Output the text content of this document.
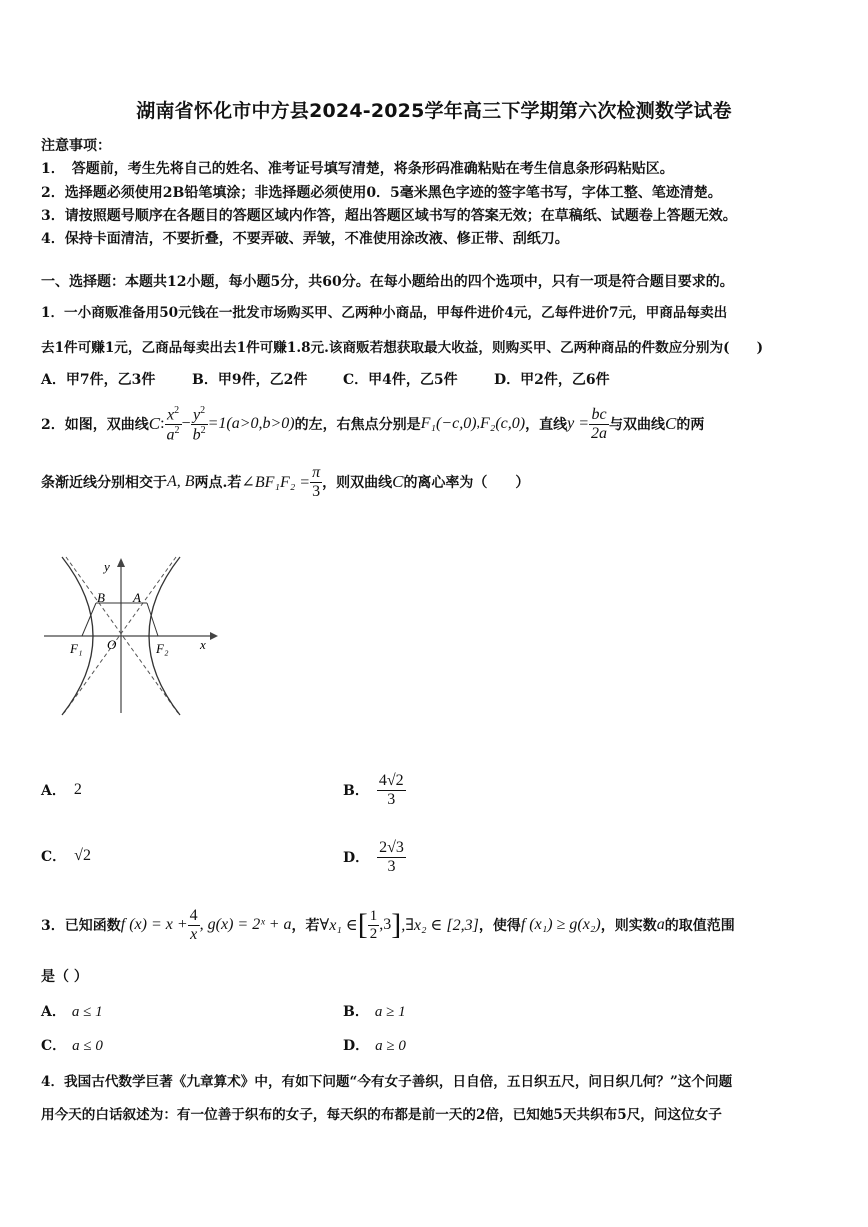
湖南省怀化市中方县2024-2025学年高三下学期第六次检测数学试卷
注意事项：
1．　答题前，考生先将自己的姓名、准考证号填写清楚，将条形码准确粘贴在考生信息条形码粘贴区。
2．选择题必须使用2B铅笔填涂；非选择题必须使用0．5毫米黑色字迹的签字笔书写，字体工整、笔迹清楚。
3．请按照题号顺序在各题目的答题区域内作答，超出答题区域书写的答案无效；在草稿纸、试题卷上答题无效。
4．保持卡面清洁，不要折叠，不要弄破、弄皱，不准使用涂改液、修正带、刮纸刀。
一、选择题：本题共12小题，每小题5分，共60分。在每小题给出的四个选项中，只有一项是符合题目要求的。
1．一小商贩准备用50元钱在一批发市场购买甲、乙两种小商品，甲每件进价4元，乙每件进价7元，甲商品每卖出
去1件可赚1元，乙商品每卖出去1件可赚1.8元.该商贩若想获取最大收益，则购买甲、乙两种商品的件数应分别为(　　)
A．甲7件，乙3件	B．甲9件，乙2件	C．甲4件，乙5件	D．甲2件，乙6件
2．如图，双曲线 C : $\frac{x^2}{a^2} - \frac{y^2}{b^2} =1(a>0,b>0)$ 的左，右焦点分别是 F₁(−c,0) , F₂(c,0) ，直线 $y = \frac{bc}{2a}$ 与双曲线 C 的两
条渐近线分别相交于 A, B 两点.若 ∠BF₁F₂ = $\frac{\pi}{3}$ ，则双曲线 C 的离心率为（　　）
y
B A
O
F₁	F₂ x
A． 2	B． $\frac{4√2}{3}$
C． √2	D． $\frac{2√3}{3}$
3．已知函数 f $(x) = x + \frac{4}{x}$ , g(x) = 2ˣ + a ，若 ∀x₁ ∈ [ $\frac{1}{2} ,3$ ] ,∃x₂ ∈ [2,3] ，使得 f (x₁) ≥ g(x₂) ，则实数 a 的取值范围
是（ ）
A． a ≤ 1	B． a ≥ 1
C． a ≤ 0	D． a ≥ 0
4．我国古代数学巨著《九章算术》中，有如下问题“今有女子善织，日自倍，五日织五尺，问日织几何？”这个问题
用今天的白话叙述为：有一位善于织布的女子，每天织的布都是前一天的2倍，已知她5天共织布5尺，问这位女子
